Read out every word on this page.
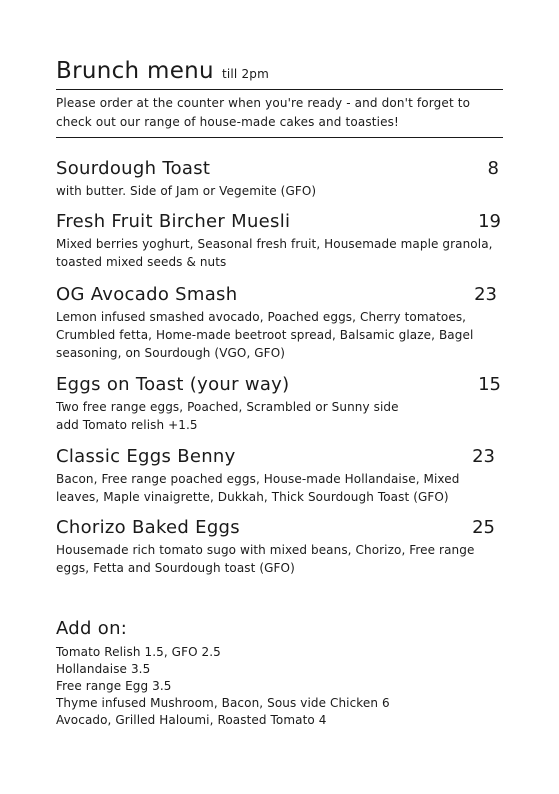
Brunch menu till 2pm

Please order at the counter when you're ready - and don't forget to
check out our range of house-made cakes and toasties!

Sourdough Toast	8

with butter. Side of Jam or Vegemite (GFO)

Fresh Fruit Bircher Muesli	19

Mixed berries yoghurt, Seasonal fresh fruit, Housemade maple granola,
toasted mixed seeds & nuts

OG Avocado Smash	23

Lemon infused smashed avocado, Poached eggs, Cherry tomatoes,
Crumbled fetta, Home-made beetroot spread, Balsamic glaze, Bagel
seasoning, on Sourdough (VGO, GFO)

Eggs on Toast (your way)	15

Two free range eggs, Poached, Scrambled or Sunny side
add Tomato relish +1.5

Classic Eggs Benny	23

Bacon, Free range poached eggs, House-made Hollandaise, Mixed
leaves, Maple vinaigrette, Dukkah, Thick Sourdough Toast (GFO)

Chorizo Baked Eggs	25

Housemade rich tomato sugo with mixed beans, Chorizo, Free range
eggs, Fetta and Sourdough toast (GFO)

Add on:
Tomato Relish 1.5, GFO 2.5
Hollandaise 3.5
Free range Egg 3.5
Thyme infused Mushroom, Bacon, Sous vide Chicken 6
Avocado, Grilled Haloumi, Roasted Tomato 4
